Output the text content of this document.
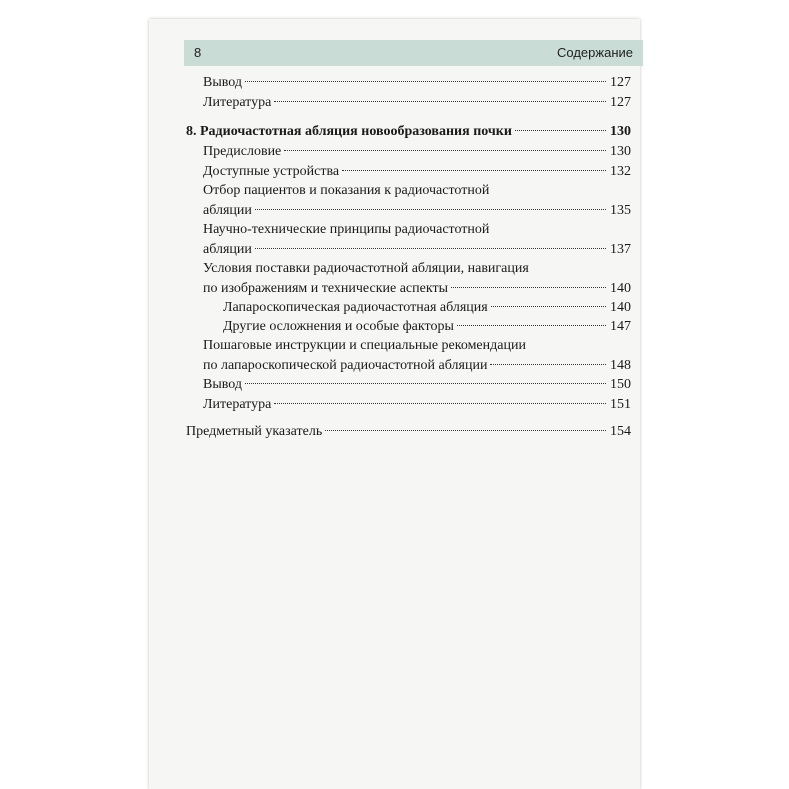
8	Содержание
Вывод	127
Литература	127
8. Радиочастотная абляция новообразования почки	130
Предисловие	130
Доступные устройства	132
Отбор пациентов и показания к радиочастотной
абляции	135
Научно-технические принципы радиочастотной
абляции	137
Условия поставки радиочастотной абляции, навигация
по изображениям и технические аспекты	140
Лапароскопическая радиочастотная абляция	140
Другие осложнения и особые факторы	147
Пошаговые инструкции и специальные рекомендации
по лапароскопической радиочастотной абляции	148
Вывод	150
Литература	151
Предметный указатель	154
